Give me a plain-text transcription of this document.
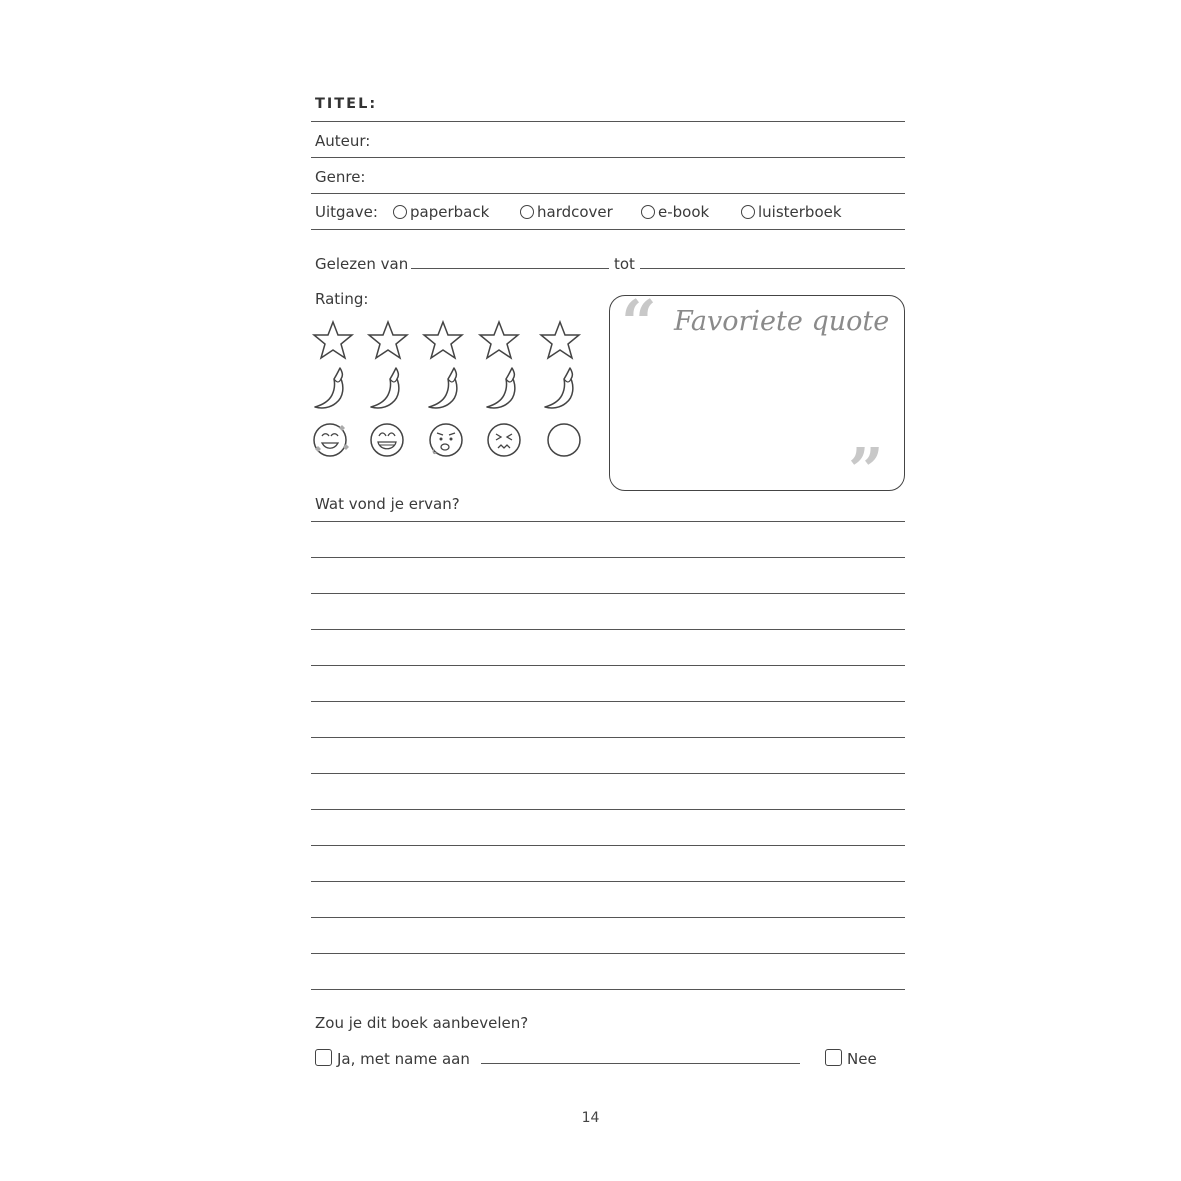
TITEL:
Auteur:
Genre:
Uitgave:	paperback	hardcover	e-book	luisterboek
Gelezen van	tot
Rating:	“ Favoriete quote
”
Wat vond je ervan?
Zou je dit boek aanbevelen?
Ja, met name aan	Nee
14
